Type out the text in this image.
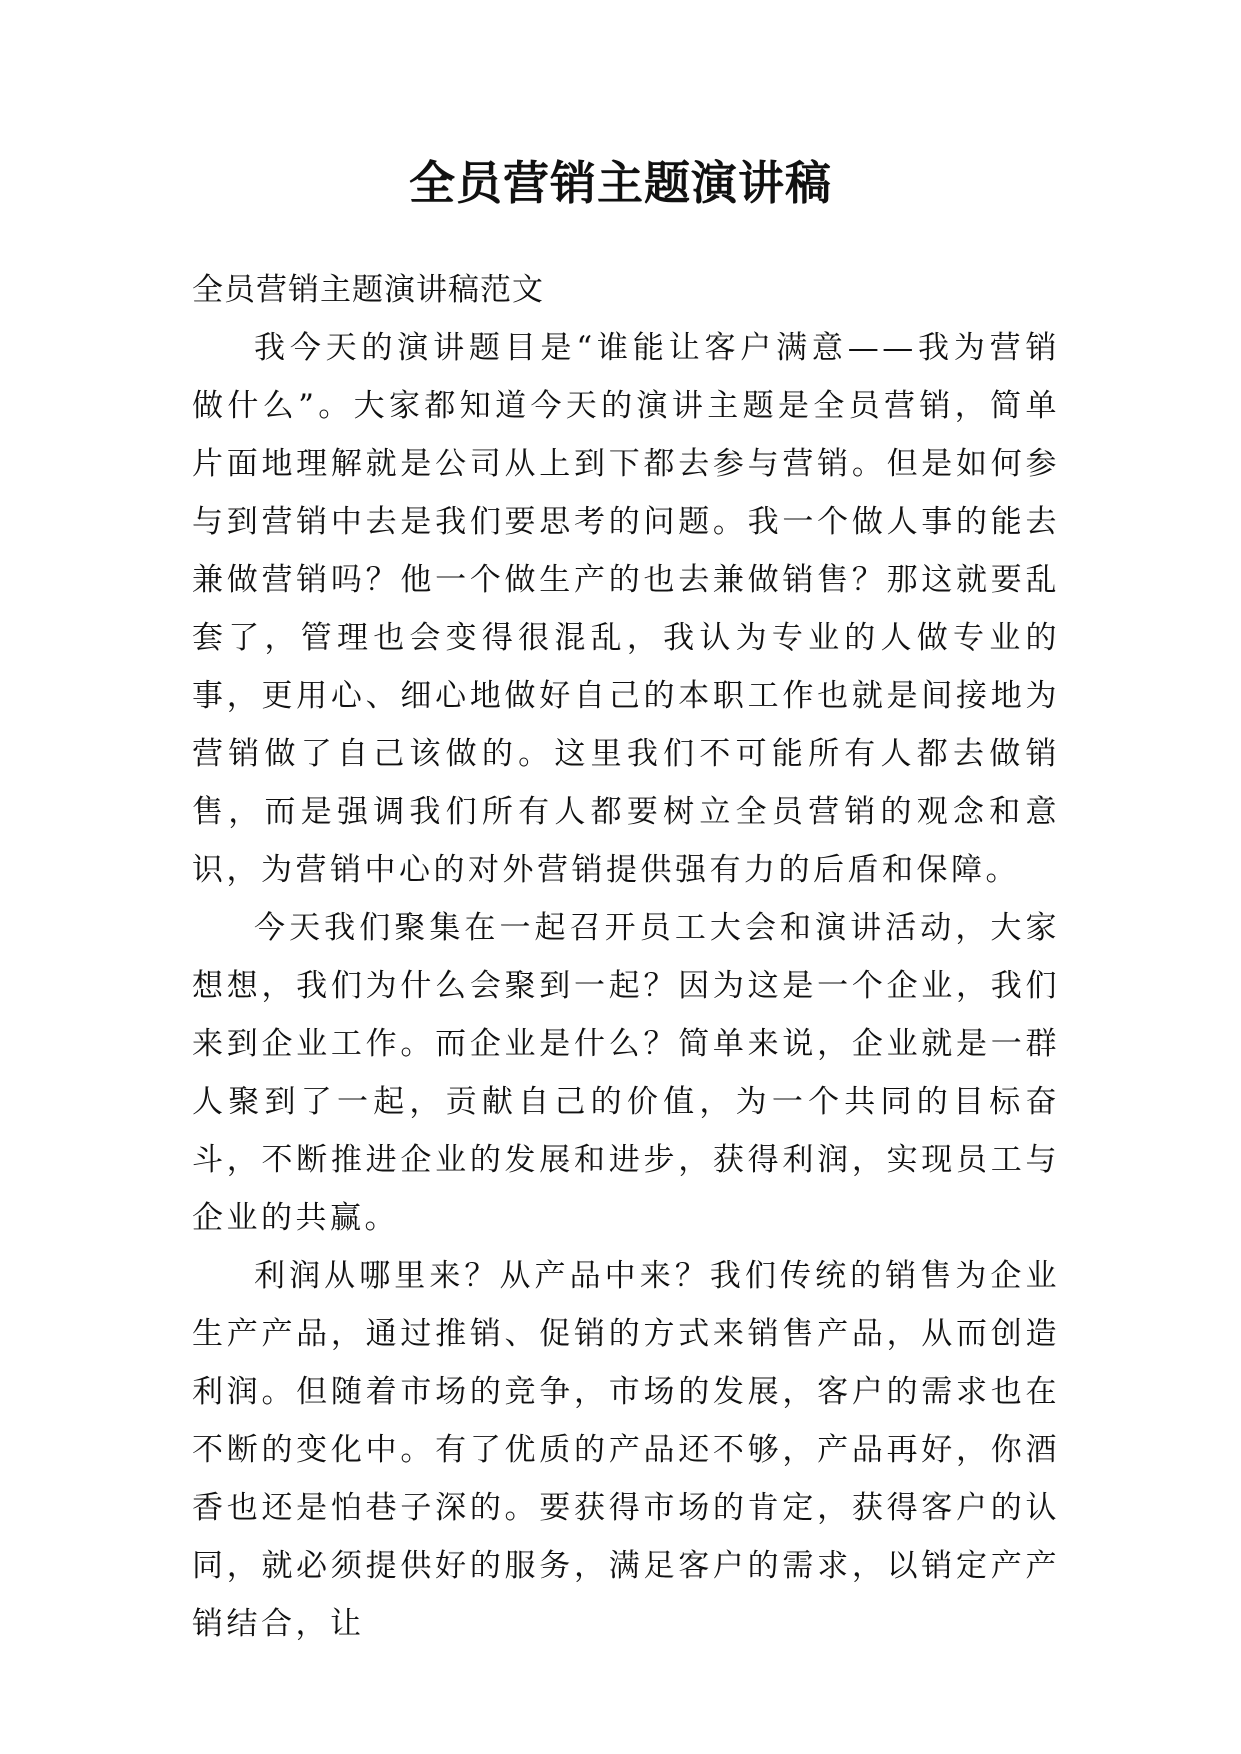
全员营销主题演讲稿

全员营销主题演讲稿范文

我今天的演讲题目是“谁能让客户满意——我为营销做什么”。大家都知道今天的演讲主题是全员营销，简单片面地理解就是公司从上到下都去参与营销。但是如何参与到营销中去是我们要思考的问题。我一个做人事的能去兼做营销吗？他一个做生产的也去兼做销售？那这就要乱套了，管理也会变得很混乱，我认为专业的人做专业的事，更用心、细心地做好自己的本职工作也就是间接地为营销做了自己该做的。这里我们不可能所有人都去做销售，而是强调我们所有人都要树立全员营销的观念和意识，为营销中心的对外营销提供强有力的后盾和保障。

今天我们聚集在一起召开员工大会和演讲活动，大家想想，我们为什么会聚到一起？因为这是一个企业，我们来到企业工作。而企业是什么？简单来说，企业就是一群人聚到了一起，贡献自己的价值，为一个共同的目标奋斗，不断推进企业的发展和进步，获得利润，实现员工与企业的共赢。

利润从哪里来？从产品中来？我们传统的销售为企业生产产品，通过推销、促销的方式来销售产品，从而创造利润。但随着市场的竞争，市场的发展，客户的需求也在不断的变化中。有了优质的产品还不够，产品再好，你酒香也还是怕巷子深的。要获得市场的肯定，获得客户的认同，就必须提供好的服务，满足客户的需求，以销定产产销结合，让
